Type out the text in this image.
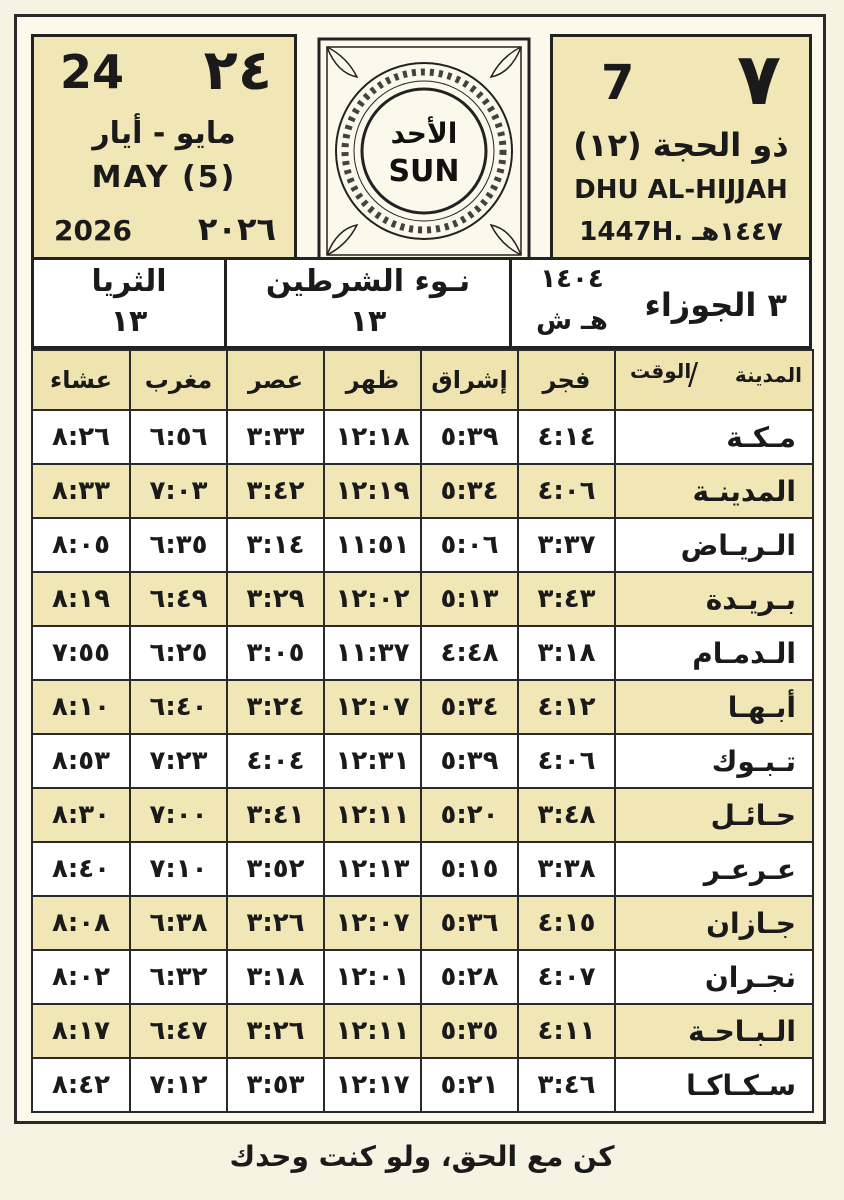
24 ٢٤
مايو - أيار
MAY (5)
2026 ٢٠٢٦
الأحد
SUN
7 ٧
ذو الحجة (١٢)
DHU AL-HIJJAH
1447H. ١٤٤٧هـ
الثريا
١٣
نـوء الشرطين
١٣
١٤٠٤
هـ ش ٣ الجوزاء
المدينة
/
الوقت	فجر	إشراق	ظهر	عصر	مغرب	عشاء
مـكـة	٤:١٤	٥:٣٩	١٢:١٨	٣:٣٣	٦:٥٦	٨:٢٦
المدينـة	٤:٠٦	٥:٣٤	١٢:١٩	٣:٤٢	٧:٠٣	٨:٣٣
الـريـاض	٣:٣٧	٥:٠٦	١١:٥١	٣:١٤	٦:٣٥	٨:٠٥
بـريـدة	٣:٤٣	٥:١٣	١٢:٠٢	٣:٢٩	٦:٤٩	٨:١٩
الـدمـام	٣:١٨	٤:٤٨	١١:٣٧	٣:٠٥	٦:٢٥	٧:٥٥
أبـهـا	٤:١٢	٥:٣٤	١٢:٠٧	٣:٢٤	٦:٤٠	٨:١٠
تـبـوك	٤:٠٦	٥:٣٩	١٢:٣١	٤:٠٤	٧:٢٣	٨:٥٣
حـائـل	٣:٤٨	٥:٢٠	١٢:١١	٣:٤١	٧:٠٠	٨:٣٠
عـرعـر	٣:٣٨	٥:١٥	١٢:١٣	٣:٥٢	٧:١٠	٨:٤٠
جـازان	٤:١٥	٥:٣٦	١٢:٠٧	٣:٢٦	٦:٣٨	٨:٠٨
نجـران	٤:٠٧	٥:٢٨	١٢:٠١	٣:١٨	٦:٣٢	٨:٠٢
الـبـاحـة	٤:١١	٥:٣٥	١٢:١١	٣:٢٦	٦:٤٧	٨:١٧
سـكـاكـا	٣:٤٦	٥:٢١	١٢:١٧	٣:٥٣	٧:١٢	٨:٤٢
كن مع الحق، ولو كنت وحدك
